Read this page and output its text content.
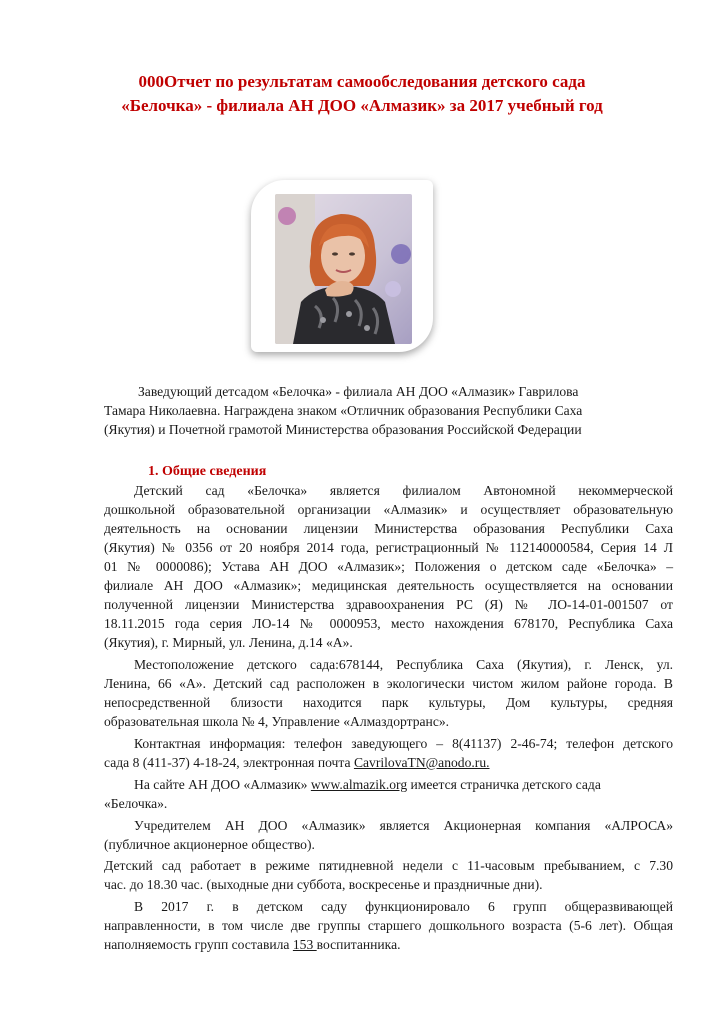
000Отчет по результатам самообследования детского сада
«Белочка» - филиала АН ДОО «Алмазик» за 2017 учебный год
Заведующий детсадом «Белочка» - филиала АН ДОО «Алмазик» Гаврилова
Тамара Николаевна. Награждена знаком «Отличник образования Республики Саха
(Якутия) и Почетной грамотой Министерства образования Российской Федерации
1. Общие сведения
Детский сад «Белочка» является филиалом Автономной некоммерческой
дошкольной образовательной организации «Алмазик» и осуществляет образовательную
деятельность на основании лицензии Министерства образования Республики Саха
(Якутия) № 0356 от 20 ноября 2014 года, регистрационный № 112140000584, Серия 14 Л
01 № 0000086); Устава АН ДОО «Алмазик»; Положения о детском саде «Белочка» –
филиале АН ДОО «Алмазик»; медицинская деятельность осуществляется на основании
полученной лицензии Министерства здравоохранения РС (Я) № ЛО-14-01-001507 от
18.11.2015 года серия ЛО-14 № 0000953, место нахождения 678170, Республика Саха
(Якутия), г. Мирный, ул. Ленина, д.14 «А».
Местоположение детского сада:678144, Республика Саха (Якутия), г. Ленск, ул.
Ленина, 66 «А». Детский сад расположен в экологически чистом жилом районе города. В
непосредственной близости находится парк культуры, Дом культуры, средняя
образовательная школа № 4, Управление «Алмаздортранс».
Контактная информация: телефон заведующего – 8(41137) 2-46-74; телефон детского
сада 8 (411-37) 4-18-24, электронная почта CavrilovaTN@anodo.ru.
На сайте АН ДОО «Алмазик» www.almazik.org имеется страничка детского сада
«Белочка».
Учредителем АН ДОО «Алмазик» является Акционерная компания «АЛРОСА»
(публичное акционерное общество).
Детский сад работает в режиме пятидневной недели с 11-часовым пребыванием, с 7.30
час. до 18.30 час. (выходные дни суббота, воскресенье и праздничные дни).
В 2017 г. в детском саду функционировало 6 групп общеразвивающей
направленности, в том числе две группы старшего дошкольного возраста (5-6 лет). Общая
наполняемость групп составила 153 воспитанника.
